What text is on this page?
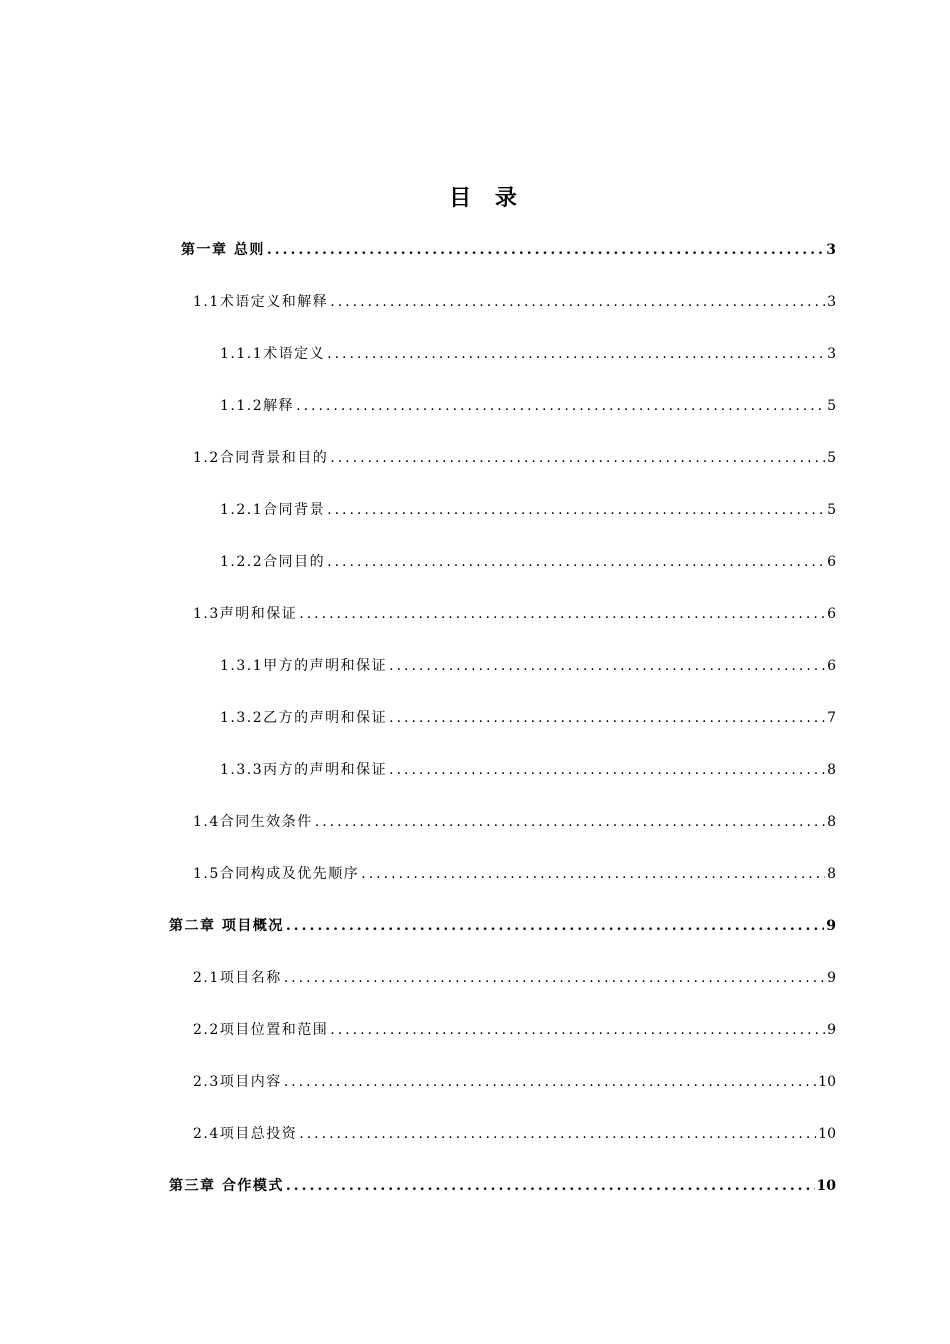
目 录
第一章 总则 .....	3
1.1术语定义和解释 .....	3
1.1.1术语定义 .....	3
1.1.2解释 .....	5
1.2合同背景和目的 .....	5
1.2.1合同背景 .....	5
1.2.2合同目的 .....	6
1.3声明和保证 .....	6
1.3.1甲方的声明和保证 .....	6
1.3.2乙方的声明和保证 .....	7
1.3.3丙方的声明和保证 .....	8
1.4合同生效条件 .....	8
1.5合同构成及优先顺序 .....	8
第二章 项目概况 .....	9
2.1项目名称 .....	9
2.2项目位置和范围 .....	9
2.3项目内容 .....	10
2.4项目总投资 .....	10
第三章 合作模式 .....	10
